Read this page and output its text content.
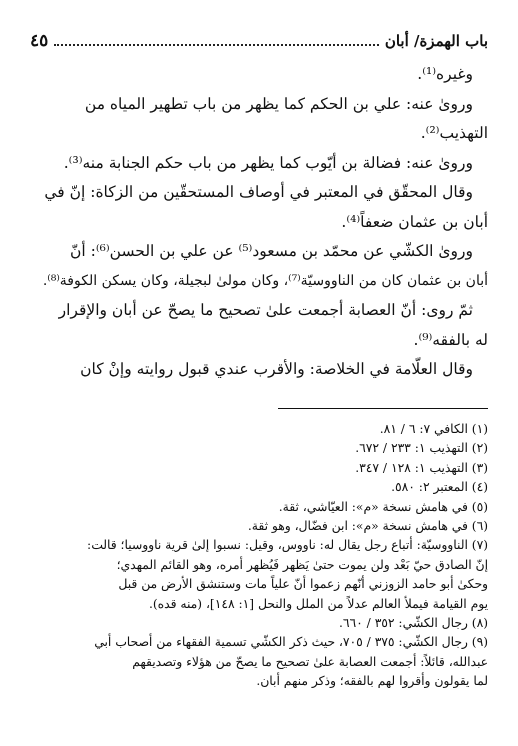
باب الهمزة/ أبان
٤٥

وغيره⁽¹⁾.

ورویٰ عنه: علي بن الحكم كما يظهر من باب تطهير المياه من

التهذيب⁽²⁾.

ورویٰ عنه: فضالة بن أيّوب كما يظهر من باب حكم الجنابة منه⁽³⁾.

وقال المحقّق في المعتبر في أوصاف المستحقّين من الزكاة: إنّ في

أبان بن عثمان ضعفاً⁽⁴⁾.

ورویٰ الكشّي عن محمّد بن مسعود⁽⁵⁾ عن علي بن الحسن⁽⁶⁾: أنّ

أبان بن عثمان كان من الناووسيّة⁽⁷⁾، وكان مولیٰ لبجيلة، وكان يسكن الكوفة⁽⁸⁾.

ثمّ روی: أنّ العصابة أجمعت علیٰ تصحيح ما يصحّ عن أبان والإقرار

له بالفقه⁽⁹⁾.

وقال العلّامة في الخلاصة: والأقرب عندي قبول روايته وإنْ كان

(١) الكافي ٧: ٦ / ٨١.
(٢) التهذيب ١: ٢٣٣ / ٦٧٢.
(٣) التهذيب ١: ١٢٨ / ٣٤٧.
(٤) المعتبر ٢: ٥٨٠.
(٥) في هامش نسخة «م»: العيّاشي، ثقة.
(٦) في هامش نسخة «م»: ابن فضّال، وهو ثقة.
(٧) الناووسيّة: أتباع رجل يقال له: ناووس، وقيل: نسبوا إلىٰ قرية ناووسيا؛ قالت:
إنّ الصادق حيّ بَعْد ولن يموت حتىٰ يَظهر فَيُظهر أمره، وهو القائم المهدي؛
وحكیٰ أبو حامد الزوزني أنّهم زعموا أنّ علياً مات وستنشق الأرض من قبل
يوم القيامة فيملأ العالم عدلاً من الملل والنحل [١: ١٤٨]، (منه قده).
(٨) رجال الكشّي: ٣٥٢ / ٦٦٠.
(٩) رجال الكشّي: ٣٧٥ / ٧٠٥، حيث ذكر الكشّي تسمية الفقهاء من أصحاب أبي
عبدالله، قائلاً: أجمعت العصابة علیٰ تصحيح ما يصحّ من هؤلاء وتصديقهم
لما يقولون وأقروا لهم بالفقه؛ وذكر منهم أبان.
